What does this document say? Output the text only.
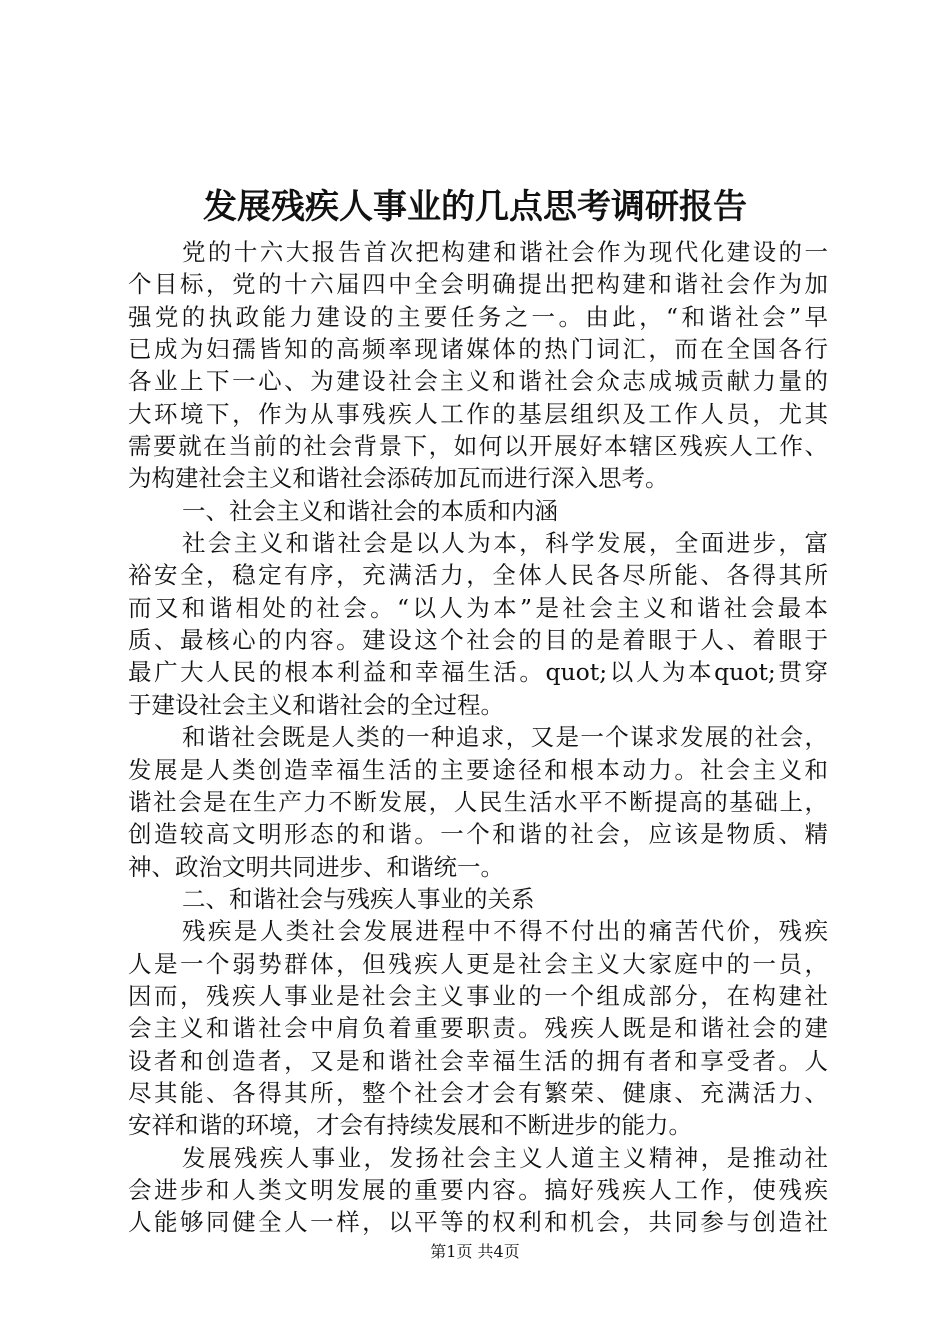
发展残疾人事业的几点思考调研报告
党的十六大报告首次把构建和谐社会作为现代化建设的一
个目标，党的十六届四中全会明确提出把构建和谐社会作为加
强党的执政能力建设的主要任务之一。由此，“和谐社会”早
已成为妇孺皆知的高频率现诸媒体的热门词汇，而在全国各行
各业上下一心、为建设社会主义和谐社会众志成城贡献力量的
大环境下，作为从事残疾人工作的基层组织及工作人员，尤其
需要就在当前的社会背景下，如何以开展好本辖区残疾人工作、
为构建社会主义和谐社会添砖加瓦而进行深入思考。
一、社会主义和谐社会的本质和内涵
社会主义和谐社会是以人为本，科学发展，全面进步，富
裕安全，稳定有序，充满活力，全体人民各尽所能、各得其所
而又和谐相处的社会。“以人为本”是社会主义和谐社会最本
质、最核心的内容。建设这个社会的目的是着眼于人、着眼于
最广大人民的根本利益和幸福生活。quot;以人为本quot;贯穿
于建设社会主义和谐社会的全过程。
和谐社会既是人类的一种追求，又是一个谋求发展的社会，
发展是人类创造幸福生活的主要途径和根本动力。社会主义和
谐社会是在生产力不断发展，人民生活水平不断提高的基础上，
创造较高文明形态的和谐。一个和谐的社会，应该是物质、精
神、政治文明共同进步、和谐统一。
二、和谐社会与残疾人事业的关系
残疾是人类社会发展进程中不得不付出的痛苦代价，残疾
人是一个弱势群体，但残疾人更是社会主义大家庭中的一员，
因而，残疾人事业是社会主义事业的一个组成部分，在构建社
会主义和谐社会中肩负着重要职责。残疾人既是和谐社会的建
设者和创造者，又是和谐社会幸福生活的拥有者和享受者。人
尽其能、各得其所，整个社会才会有繁荣、健康、充满活力、
安祥和谐的环境，才会有持续发展和不断进步的能力。
发展残疾人事业，发扬社会主义人道主义精神，是推动社
会进步和人类文明发展的重要内容。搞好残疾人工作，使残疾
人能够同健全人一样，以平等的权利和机会，共同参与创造社
第1页 共4页
